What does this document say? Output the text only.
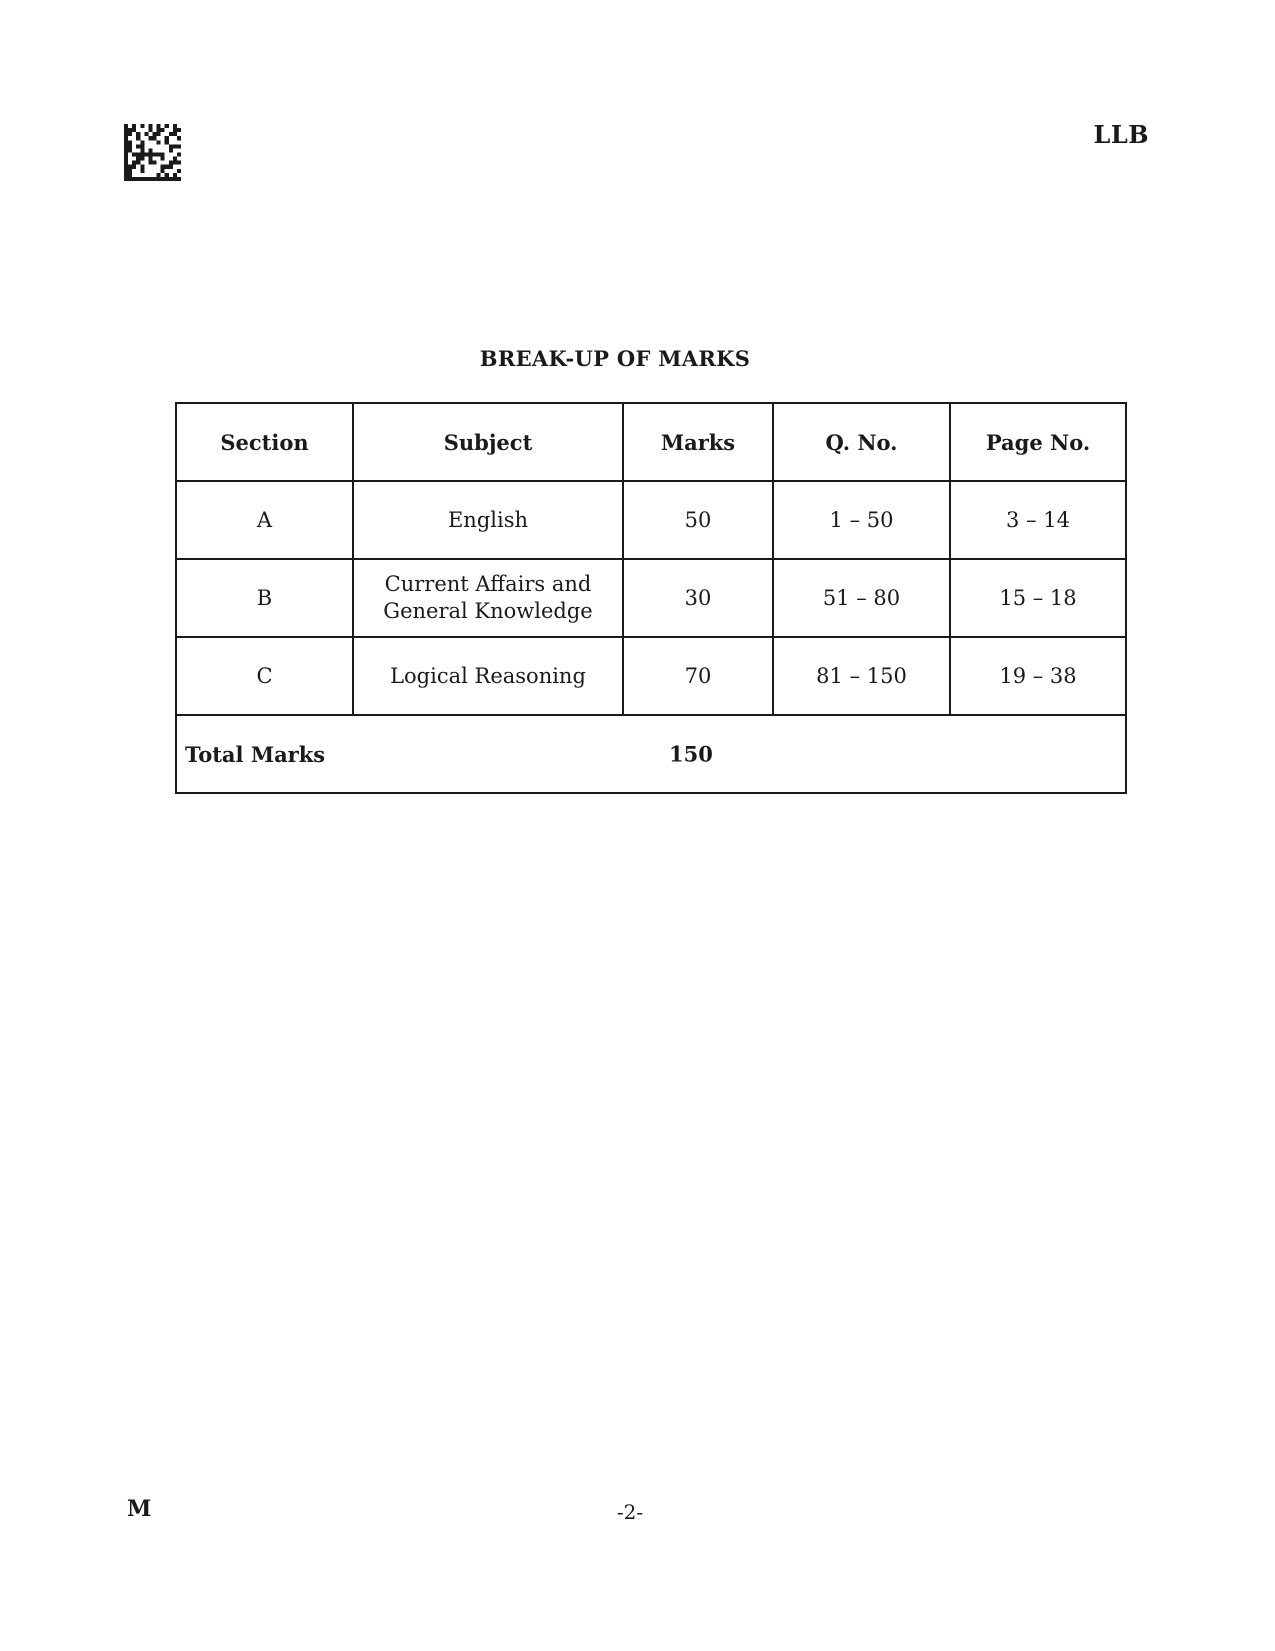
LLB
BREAK-UP OF MARKS
Section	Subject	Marks	Q. No.	Page No.
A	English	50	1 – 50	3 – 14
B	Current Affairs and
General Knowledge	30	51 – 80	15 – 18
C	Logical Reasoning	70	81 – 150	19 – 38
Total Marks 150				
M	-2-
